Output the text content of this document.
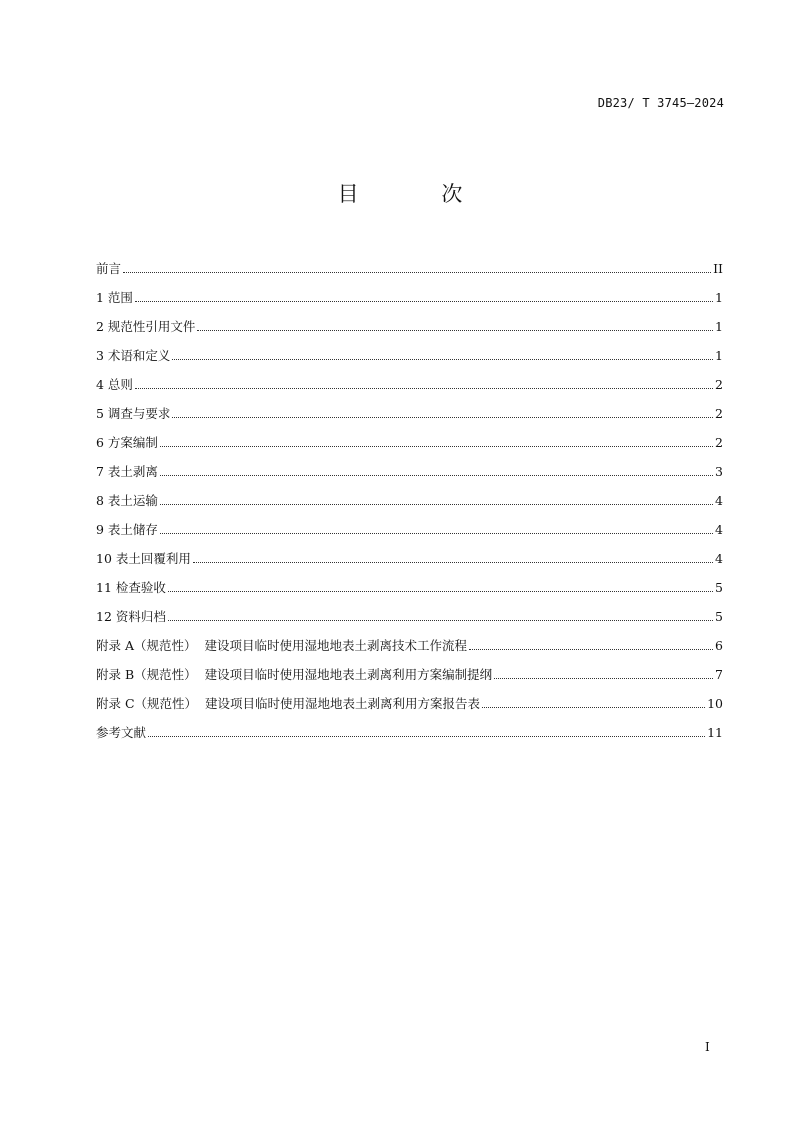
DB23/ T 3745—2024
目 次
前言	II
1 范围	1
2 规范性引用文件	1
3 术语和定义	1
4 总则	2
5 调查与要求	2
6 方案编制	2
7 表土剥离	3
8 表土运输	4
9 表土储存	4
10 表土回覆利用	4
11 检查验收	5
12 资料归档	5
附录 A（规范性）  建设项目临时使用湿地地表土剥离技术工作流程	6
附录 B（规范性）  建设项目临时使用湿地地表土剥离利用方案编制提纲	7
附录 C（规范性）  建设项目临时使用湿地地表土剥离利用方案报告表	10
参考文献	11
I
